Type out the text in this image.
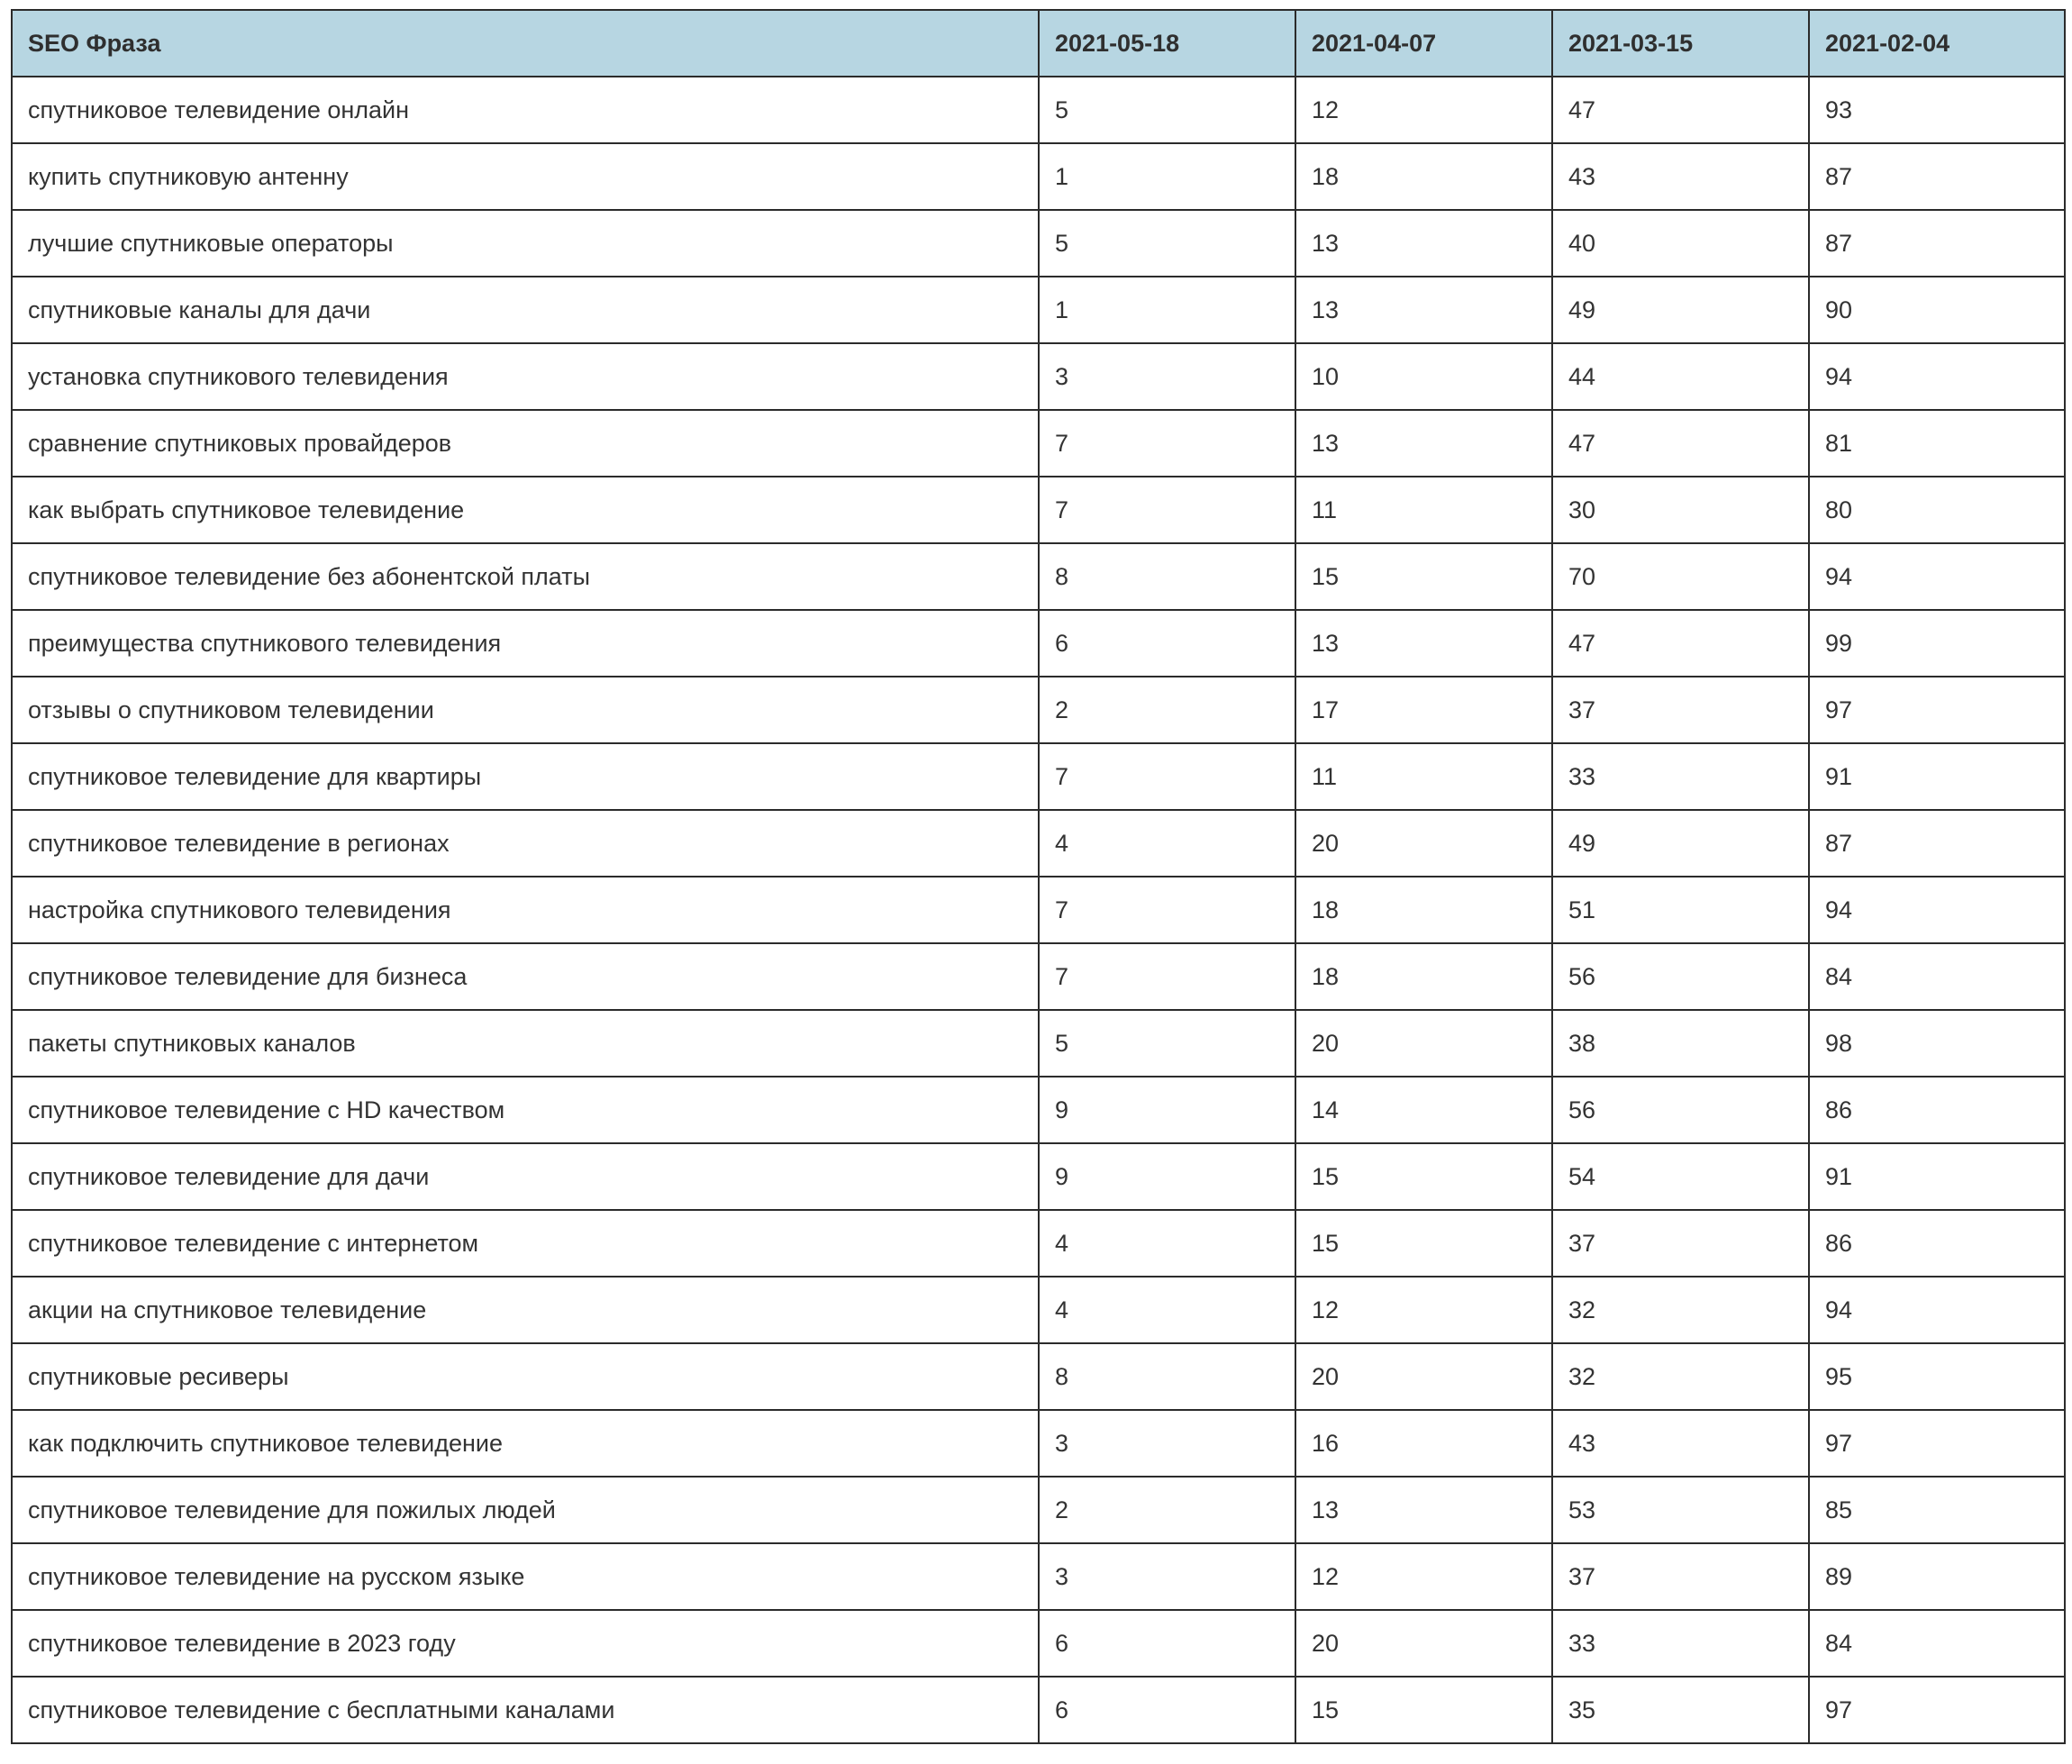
SEO Фраза	2021-05-18	2021-04-07	2021-03-15	2021-02-04
спутниковое телевидение онлайн	5	12	47	93
купить спутниковую антенну	1	18	43	87
лучшие спутниковые операторы	5	13	40	87
спутниковые каналы для дачи	1	13	49	90
установка спутникового телевидения	3	10	44	94
сравнение спутниковых провайдеров	7	13	47	81
как выбрать спутниковое телевидение	7	11	30	80
спутниковое телевидение без абонентской платы	8	15	70	94
преимущества спутникового телевидения	6	13	47	99
отзывы о спутниковом телевидении	2	17	37	97
спутниковое телевидение для квартиры	7	11	33	91
спутниковое телевидение в регионах	4	20	49	87
настройка спутникового телевидения	7	18	51	94
спутниковое телевидение для бизнеса	7	18	56	84
пакеты спутниковых каналов	5	20	38	98
спутниковое телевидение с HD качеством	9	14	56	86
спутниковое телевидение для дачи	9	15	54	91
спутниковое телевидение с интернетом	4	15	37	86
акции на спутниковое телевидение	4	12	32	94
спутниковые ресиверы	8	20	32	95
как подключить спутниковое телевидение	3	16	43	97
спутниковое телевидение для пожилых людей	2	13	53	85
спутниковое телевидение на русском языке	3	12	37	89
спутниковое телевидение в 2023 году	6	20	33	84
спутниковое телевидение с бесплатными каналами	6	15	35	97
